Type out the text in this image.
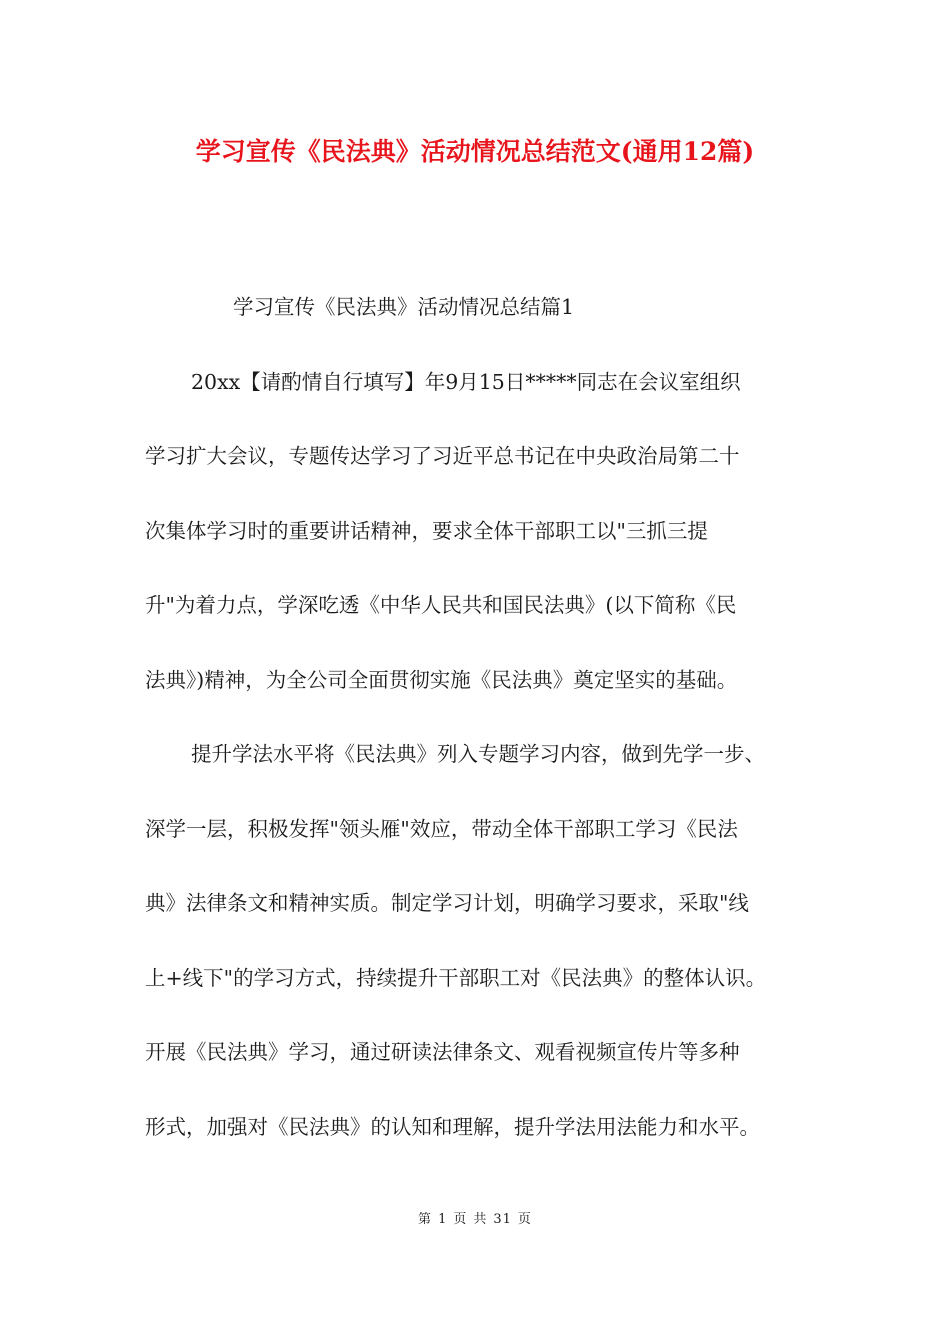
学习宣传《民法典》活动情况总结范文(通用12篇)
学习宣传《民法典》活动情况总结篇1
20xx【请酌情自行填写】年9月15日*****同志在会议室组织
学习扩大会议，专题传达学习了习近平总书记在中央政治局第二十
次集体学习时的重要讲话精神，要求全体干部职工以"三抓三提
升"为着力点，学深吃透《中华人民共和国民法典》(以下简称《民
法典》)精神，为全公司全面贯彻实施《民法典》奠定坚实的基础。
提升学法水平将《民法典》列入专题学习内容，做到先学一步、
深学一层，积极发挥"领头雁"效应，带动全体干部职工学习《民法
典》法律条文和精神实质。制定学习计划，明确学习要求，采取"线
上+线下"的学习方式，持续提升干部职工对《民法典》的整体认识。
开展《民法典》学习，通过研读法律条文、观看视频宣传片等多种
形式，加强对《民法典》的认知和理解，提升学法用法能力和水平。
第 1 页 共 31 页
